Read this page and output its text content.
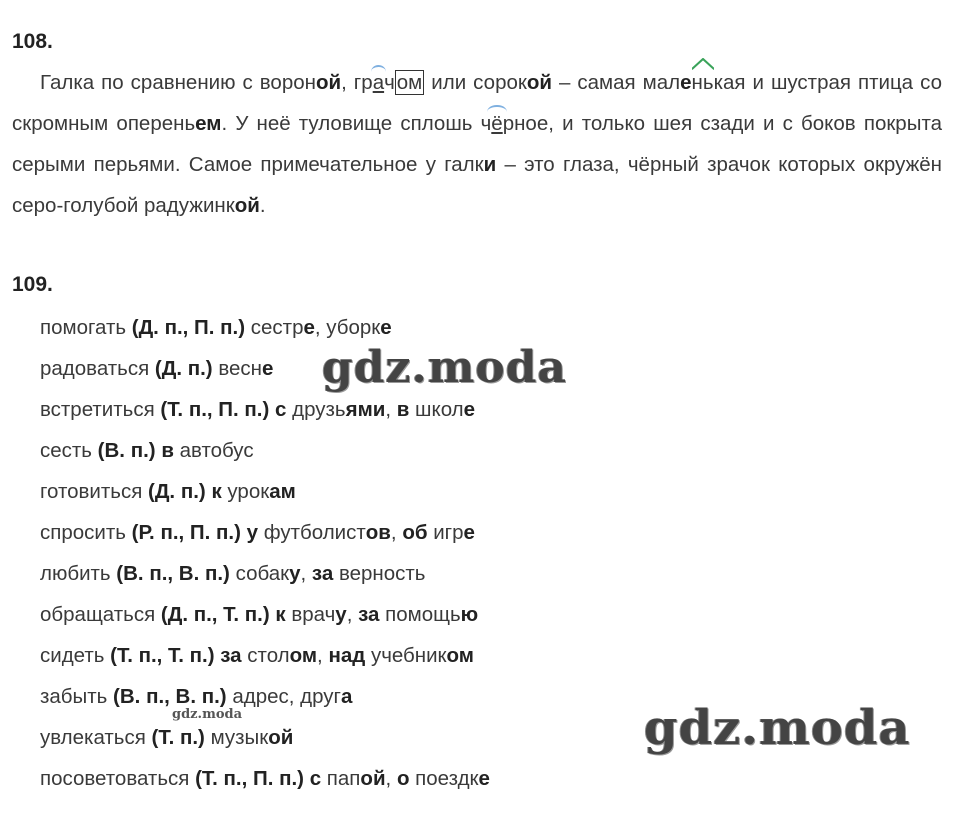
108.
Галка по сравнению с вороной, гра
чом или сорокой – самая малень
кая и шустрая птица со скромным опереньем. У неё туловище сплошь чё
рное, и только шея сзади и с боков покрыта серыми перьями. Самое примечательное у галки – это глаза, чёрный зрачок которых окружён серо-голубой радужинкой.
109.
помогать (Д. п., П. п.) сестре, уборке
радоваться (Д. п.) весне
встретиться (Т. п., П. п.) с друзьями, в школе
сесть (В. п.) в автобус
готовиться (Д. п.) к урокам
спросить (Р. п., П. п.) у футболистов, об игре
любить (В. п., В. п.) собаку, за верность
обращаться (Д. п., Т. п.) к врачу, за помощью
сидеть (Т. п., Т. п.) за столом, над учебником
забыть (В. п., В. п.) адрес, друга
увлекаться (Т. п.) музыкой
посоветоваться (Т. п., П. п.) с папой, о поездке
gdz.moda
gdz.moda
gdz.moda
